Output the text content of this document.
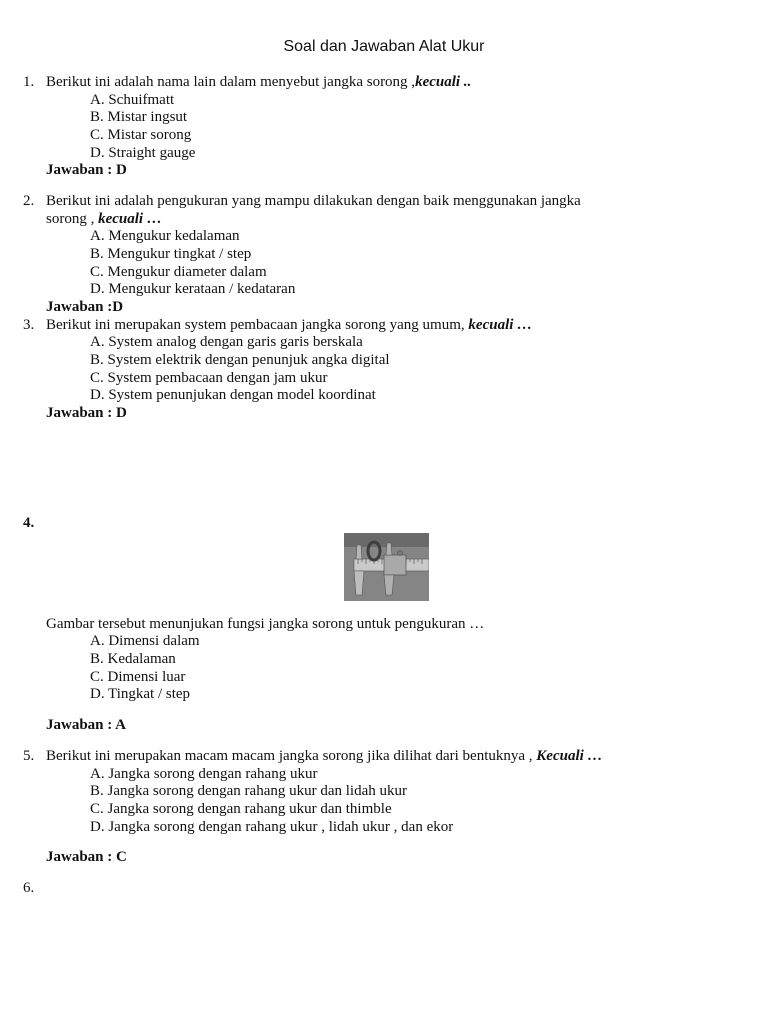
Soal dan Jawaban Alat Ukur
1. Berikut ini adalah nama lain dalam menyebut jangka sorong ,kecuali ..
A. Schuifmatt
B. Mistar ingsut
C. Mistar sorong
D. Straight gauge
Jawaban : D
2. Berikut ini adalah pengukuran yang mampu dilakukan dengan baik menggunakan jangka
sorong , kecuali …
A. Mengukur kedalaman
B. Mengukur tingkat / step
C. Mengukur diameter dalam
D. Mengukur kerataan / kedataran
Jawaban :D
3. Berikut ini merupakan system pembacaan jangka sorong yang umum, kecuali …
A. System analog dengan garis garis berskala
B. System elektrik dengan penunjuk angka digital
C. System pembacaan dengan jam ukur
D. System penunjukan dengan model koordinat
Jawaban : D
4.
Gambar tersebut menunjukan fungsi jangka sorong untuk pengukuran …
A. Dimensi dalam
B. Kedalaman
C. Dimensi luar
D. Tingkat / step
Jawaban : A
5. Berikut ini merupakan macam macam jangka sorong jika dilihat dari bentuknya , Kecuali …
A. Jangka sorong dengan rahang ukur
B. Jangka sorong dengan rahang ukur dan lidah ukur
C. Jangka sorong dengan rahang ukur dan thimble
D. Jangka sorong dengan rahang ukur , lidah ukur , dan ekor
Jawaban : C
6.
